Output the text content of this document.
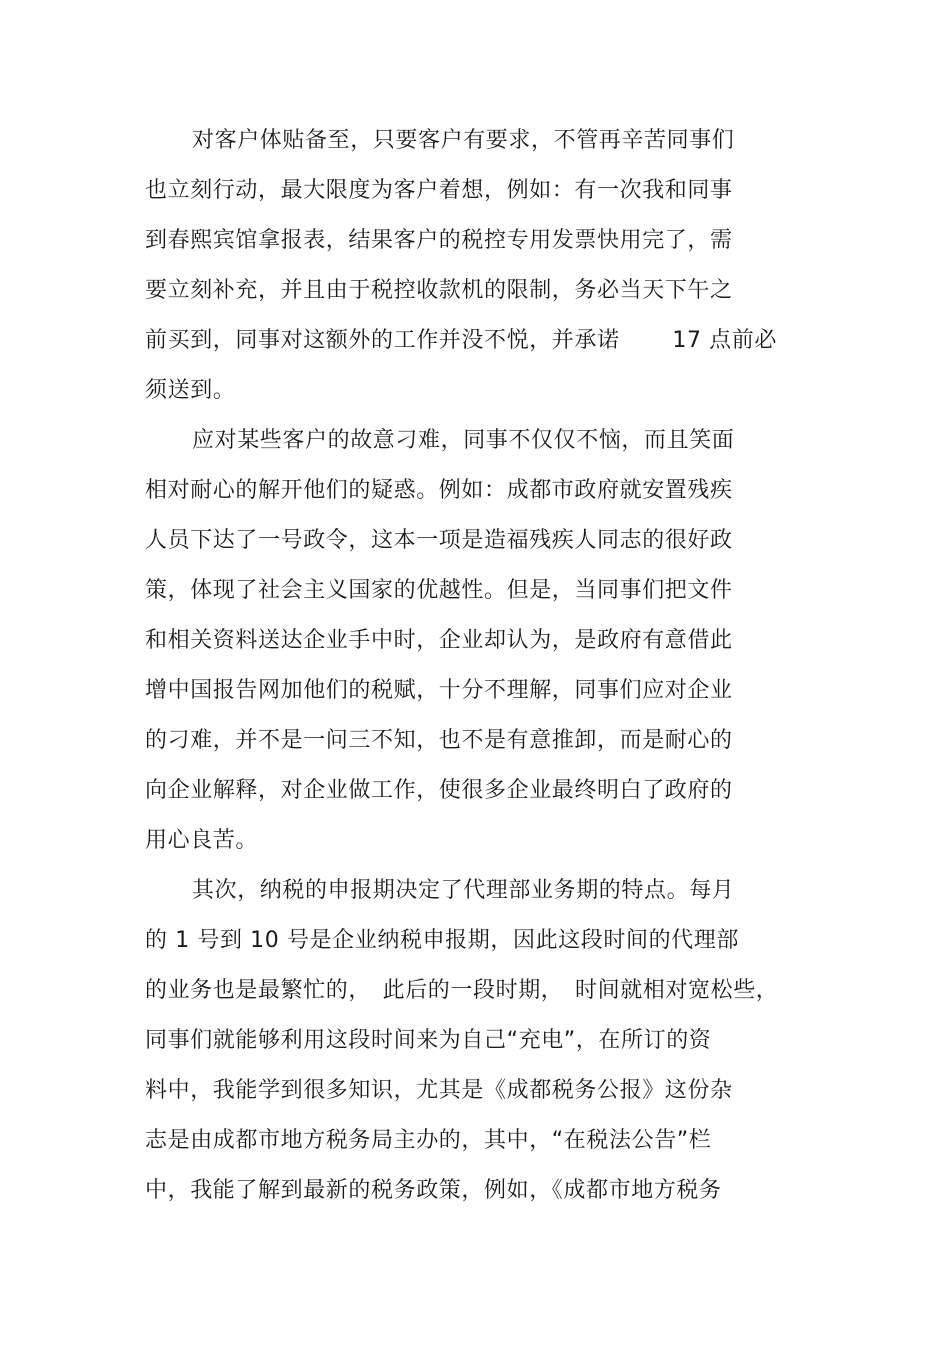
对客户体贴备至，只要客户有要求，不管再辛苦同事们
也立刻行动，最大限度为客户着想，例如：有一次我和同事
到春熙宾馆拿报表，结果客户的税控专用发票快用完了，需
要立刻补充，并且由于税控收款机的限制，务必当天下午之
前买到，同事对这额外的工作并没不悦，并承诺　　 17 点前必
须送到。
应对某些客户的故意刁难，同事不仅仅不恼，而且笑面
相对耐心的解开他们的疑惑。例如：成都市政府就安置残疾
人员下达了一号政令，这本一项是造福残疾人同志的很好政
策，体现了社会主义国家的优越性。但是，当同事们把文件
和相关资料送达企业手中时，企业却认为，是政府有意借此
增中国报告网加他们的税赋，十分不理解，同事们应对企业
的刁难，并不是一问三不知，也不是有意推卸，而是耐心的
向企业解释，对企业做工作，使很多企业最终明白了政府的
用心良苦。
其次，纳税的申报期决定了代理部业务期的特点。每月
的 1 号到 10 号是企业纳税申报期，因此这段时间的代理部
的业务也是最繁忙的，　此后的一段时期，　时间就相对宽松些，
同事们就能够利用这段时间来为自己“充电”，在所订的资
料中，我能学到很多知识，尤其是《成都税务公报》这份杂
志是由成都市地方税务局主办的，其中，“在税法公告”栏
中，我能了解到最新的税务政策，例如，《成都市地方税务
